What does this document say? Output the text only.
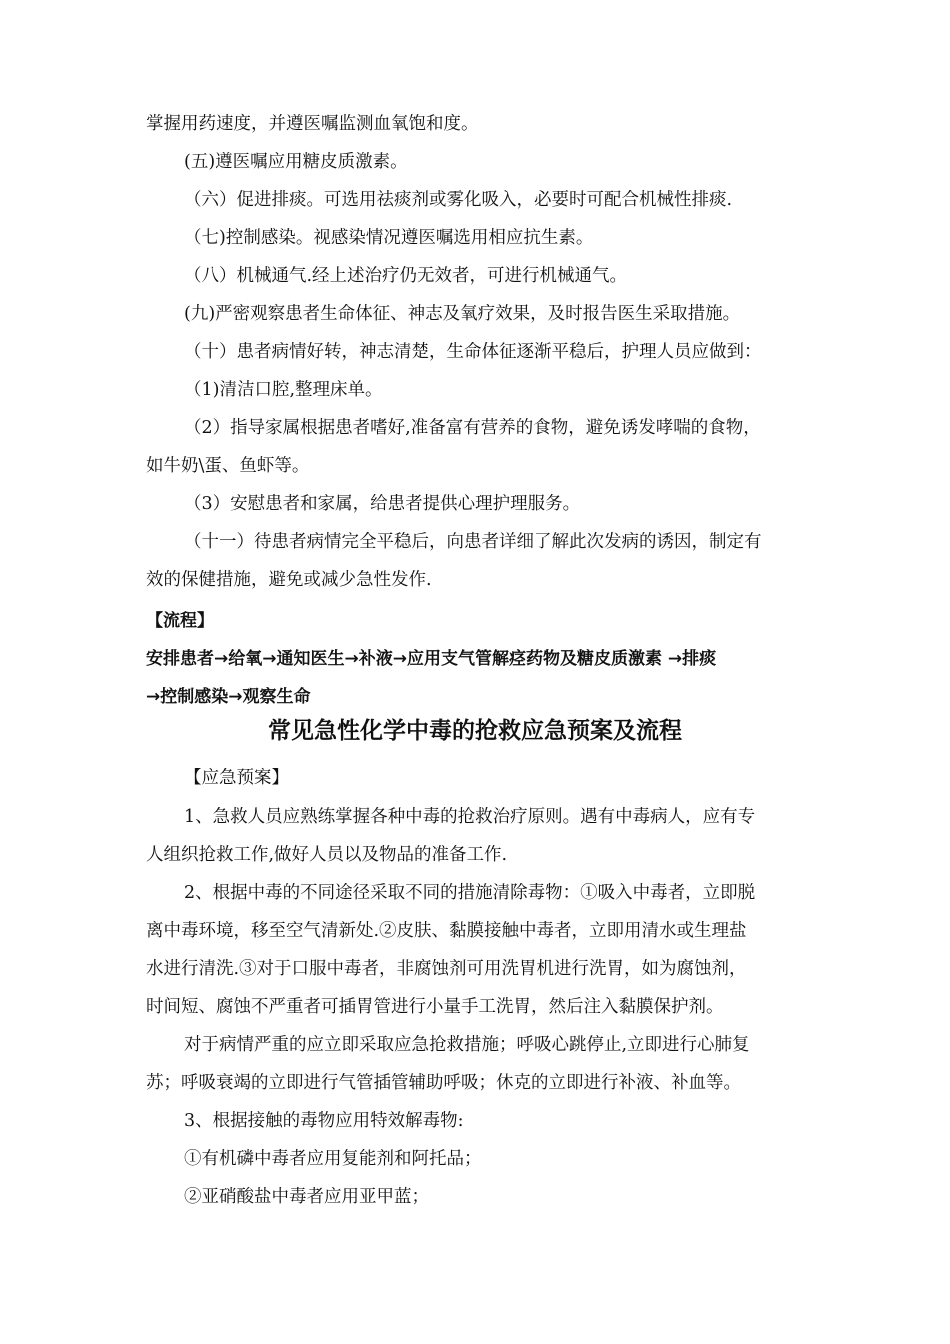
掌握用药速度，并遵医嘱监测血氧饱和度。
(五)遵医嘱应用糖皮质激素。
（六）促进排痰。可选用祛痰剂或雾化吸入，必要时可配合机械性排痰.
（七)控制感染。视感染情况遵医嘱选用相应抗生素。
（八）机械通气.经上述治疗仍无效者，可进行机械通气。
(九)严密观察患者生命体征、神志及氧疗效果，及时报告医生采取措施。
（十）患者病情好转，神志清楚，生命体征逐渐平稳后，护理人员应做到：
（1)清洁口腔,整理床单。
（2）指导家属根据患者嗜好,准备富有营养的食物，避免诱发哮喘的食物，
如牛奶\蛋、鱼虾等。
（3）安慰患者和家属，给患者提供心理护理服务。
（十一）待患者病情完全平稳后，向患者详细了解此次发病的诱因，制定有
效的保健措施，避免或减少急性发作.
【流程】
安排患者→给氧→通知医生→补液→应用支气管解痉药物及糖皮质激素 →排痰
→控制感染→观察生命
常见急性化学中毒的抢救应急预案及流程
【应急预案】
1、急救人员应熟练掌握各种中毒的抢救治疗原则。遇有中毒病人，应有专
人组织抢救工作,做好人员以及物品的准备工作.
2、根据中毒的不同途径采取不同的措施清除毒物：①吸入中毒者，立即脱
离中毒环境，移至空气清新处.②皮肤、黏膜接触中毒者，立即用清水或生理盐
水进行清洗.③对于口服中毒者，非腐蚀剂可用洗胃机进行洗胃，如为腐蚀剂，
时间短、腐蚀不严重者可插胃管进行小量手工洗胃，然后注入黏膜保护剂。
对于病情严重的应立即采取应急抢救措施；呼吸心跳停止,立即进行心肺复
苏；呼吸衰竭的立即进行气管插管辅助呼吸；休克的立即进行补液、补血等。
3、根据接触的毒物应用特效解毒物:
①有机磷中毒者应用复能剂和阿托品；
②亚硝酸盐中毒者应用亚甲蓝；
